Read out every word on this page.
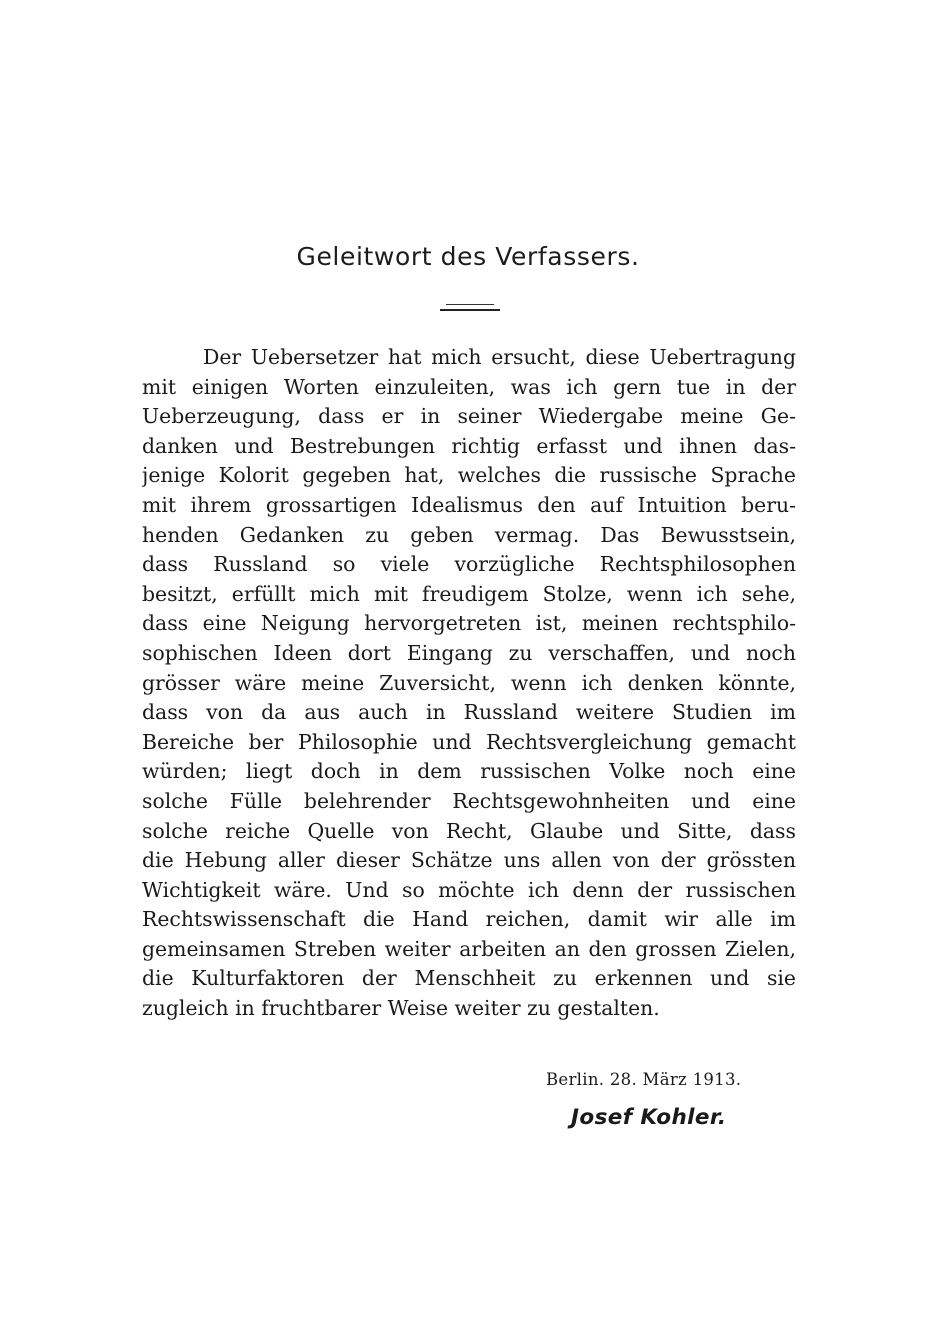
Geleitwort des Verfassers.
Der Uebersetzer hat mich ersucht, diese Uebertragung
mit einigen Worten einzuleiten, was ich gern tue in der
Ueberzeugung, dass er in seiner Wiedergabe meine Ge-
danken und Bestrebungen richtig erfasst und ihnen das-
jenige Kolorit gegeben hat, welches die russische Sprache
mit ihrem grossartigen Idealismus den auf Intuition beru-
henden Gedanken zu geben vermag. Das Bewusstsein,
dass Russland so viele vorzügliche Rechtsphilosophen
besitzt, erfüllt mich mit freudigem Stolze, wenn ich sehe,
dass eine Neigung hervorgetreten ist, meinen rechtsphilo-
sophischen Ideen dort Eingang zu verschaffen, und noch
grösser wäre meine Zuversicht, wenn ich denken könnte,
dass von da aus auch in Russland weitere Studien im
Bereiche ber Philosophie und Rechtsvergleichung gemacht
würden; liegt doch in dem russischen Volke noch eine
solche Fülle belehrender Rechtsgewohnheiten und eine
solche reiche Quelle von Recht, Glaube und Sitte, dass
die Hebung aller dieser Schätze uns allen von der grössten
Wichtigkeit wäre. Und so möchte ich denn der russischen
Rechtswissenschaft die Hand reichen, damit wir alle im
gemeinsamen Streben weiter arbeiten an den grossen Zielen,
die Kulturfaktoren der Menschheit zu erkennen und sie
zugleich in fruchtbarer Weise weiter zu gestalten.
Berlin. 28. März 1913.
Josef Kohler.
